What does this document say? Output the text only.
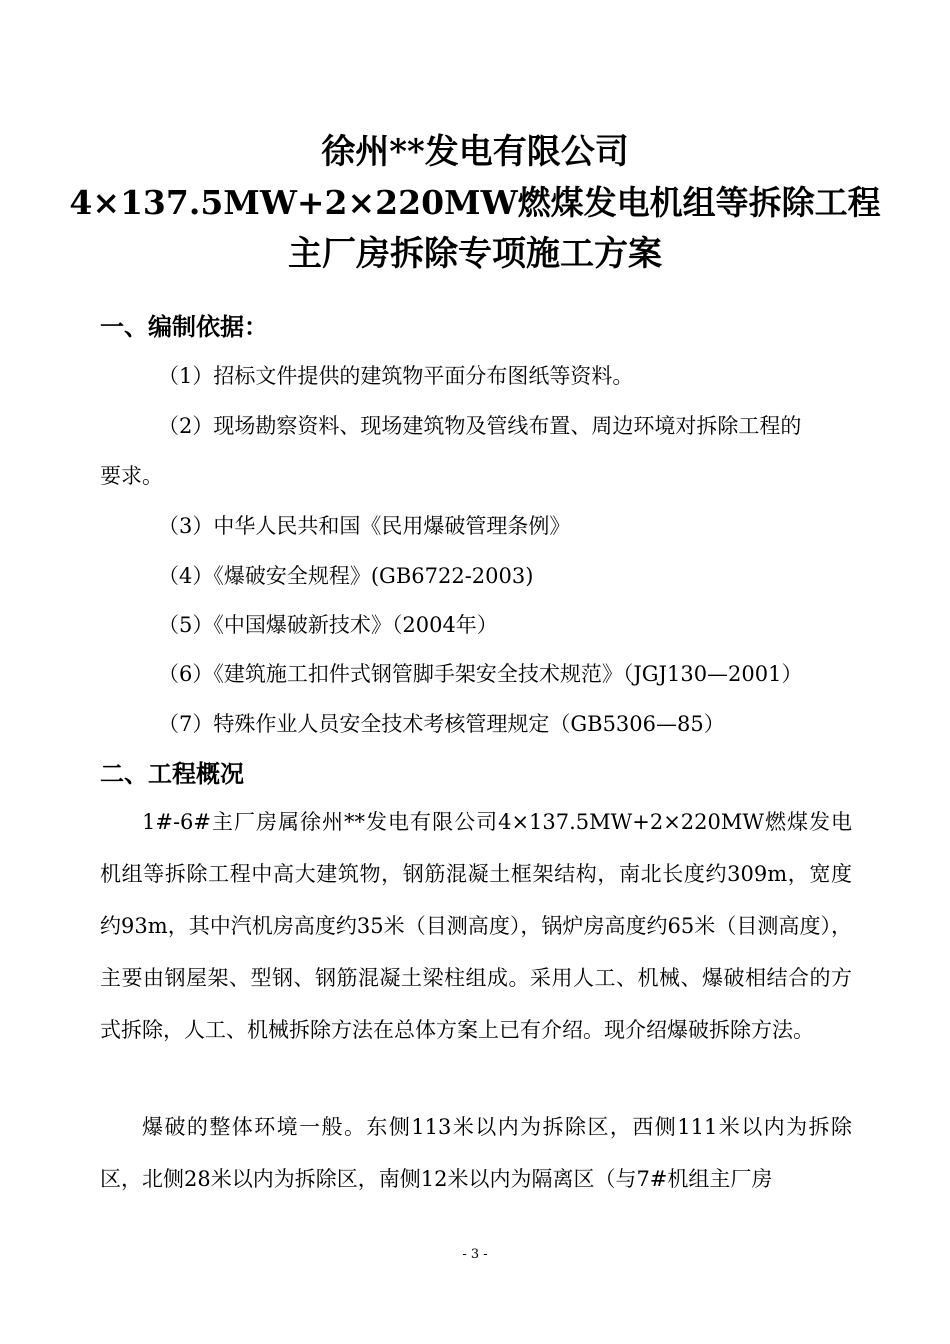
徐州**发电有限公司
4×137.5MW+2×220MW燃煤发电机组等拆除工程
主厂房拆除专项施工方案
一、编制依据：
（1）招标文件提供的建筑物平面分布图纸等资料。
（2）现场勘察资料、现场建筑物及管线布置、周边环境对拆除工程的
要求。
（3）中华人民共和国《民用爆破管理条例》
（4）《爆破安全规程》(GB6722-2003)
（5）《中国爆破新技术》（2004年）
（6）《建筑施工扣件式钢管脚手架安全技术规范》（JGJ130—2001）
（7）特殊作业人员安全技术考核管理规定（GB5306—85）
二、工程概况
1#-6#主厂房属徐州**发电有限公司4×137.5MW+2×220MW燃煤发电机组等拆除工程中高大建筑物，钢筋混凝土框架结构，南北长度约309m，宽度约93m，其中汽机房高度约35米（目测高度），锅炉房高度约65米（目测高度），主要由钢屋架、型钢、钢筋混凝土梁柱组成。采用人工、机械、爆破相结合的方式拆除，人工、机械拆除方法在总体方案上已有介绍。现介绍爆破拆除方法。
爆破的整体环境一般。东侧113米以内为拆除区，西侧111米以内为拆除区，北侧28米以内为拆除区，南侧12米以内为隔离区（与7#机组主厂房
- 3 -
